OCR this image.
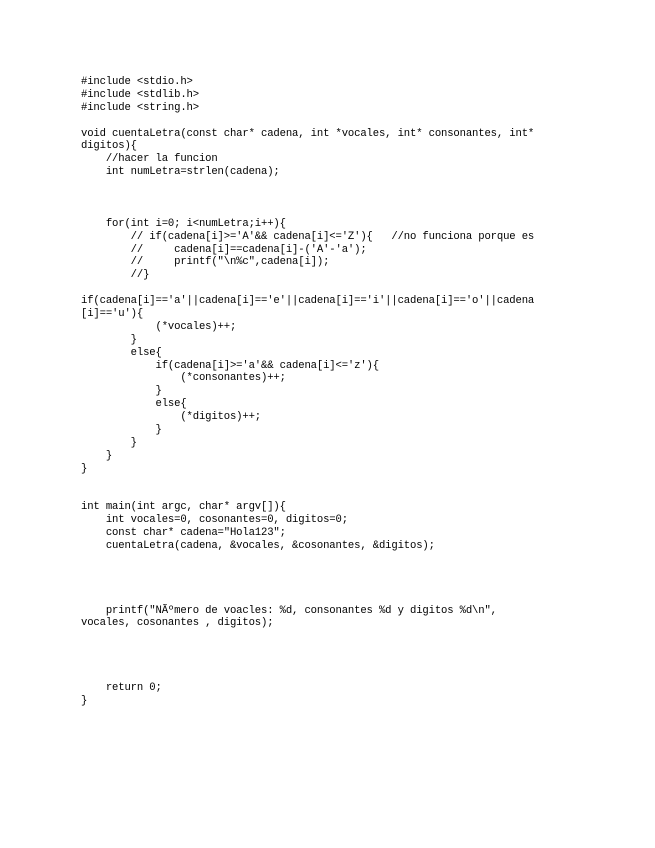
#include <stdio.h>
#include <stdlib.h>
#include <string.h>
void cuentaLetra(const char* cadena, int *vocales, int* consonantes, int*
digitos){
//hacer la funcion
int numLetra=strlen(cadena);
for(int i=0; i<numLetra;i++){
// if(cadena[i]>='A'&& cadena[i]<='Z'){   //no funciona porque es
//     cadena[i]==cadena[i]-('A'-'a');
//     printf("\n%c",cadena[i]);
//}
if(cadena[i]=='a'||cadena[i]=='e'||cadena[i]=='i'||cadena[i]=='o'||cadena
[i]=='u'){
(*vocales)++;
}
else{
if(cadena[i]>='a'&& cadena[i]<='z'){
(*consonantes)++;
}
else{
(*digitos)++;
}
}
}
}
int main(int argc, char* argv[]){
int vocales=0, cosonantes=0, digitos=0;
const char* cadena="Hola123";
cuentaLetra(cadena, &vocales, &cosonantes, &digitos);
printf("NÃºmero de voacles: %d, consonantes %d y digitos %d\n",
vocales, cosonantes , digitos);
return 0;
}
